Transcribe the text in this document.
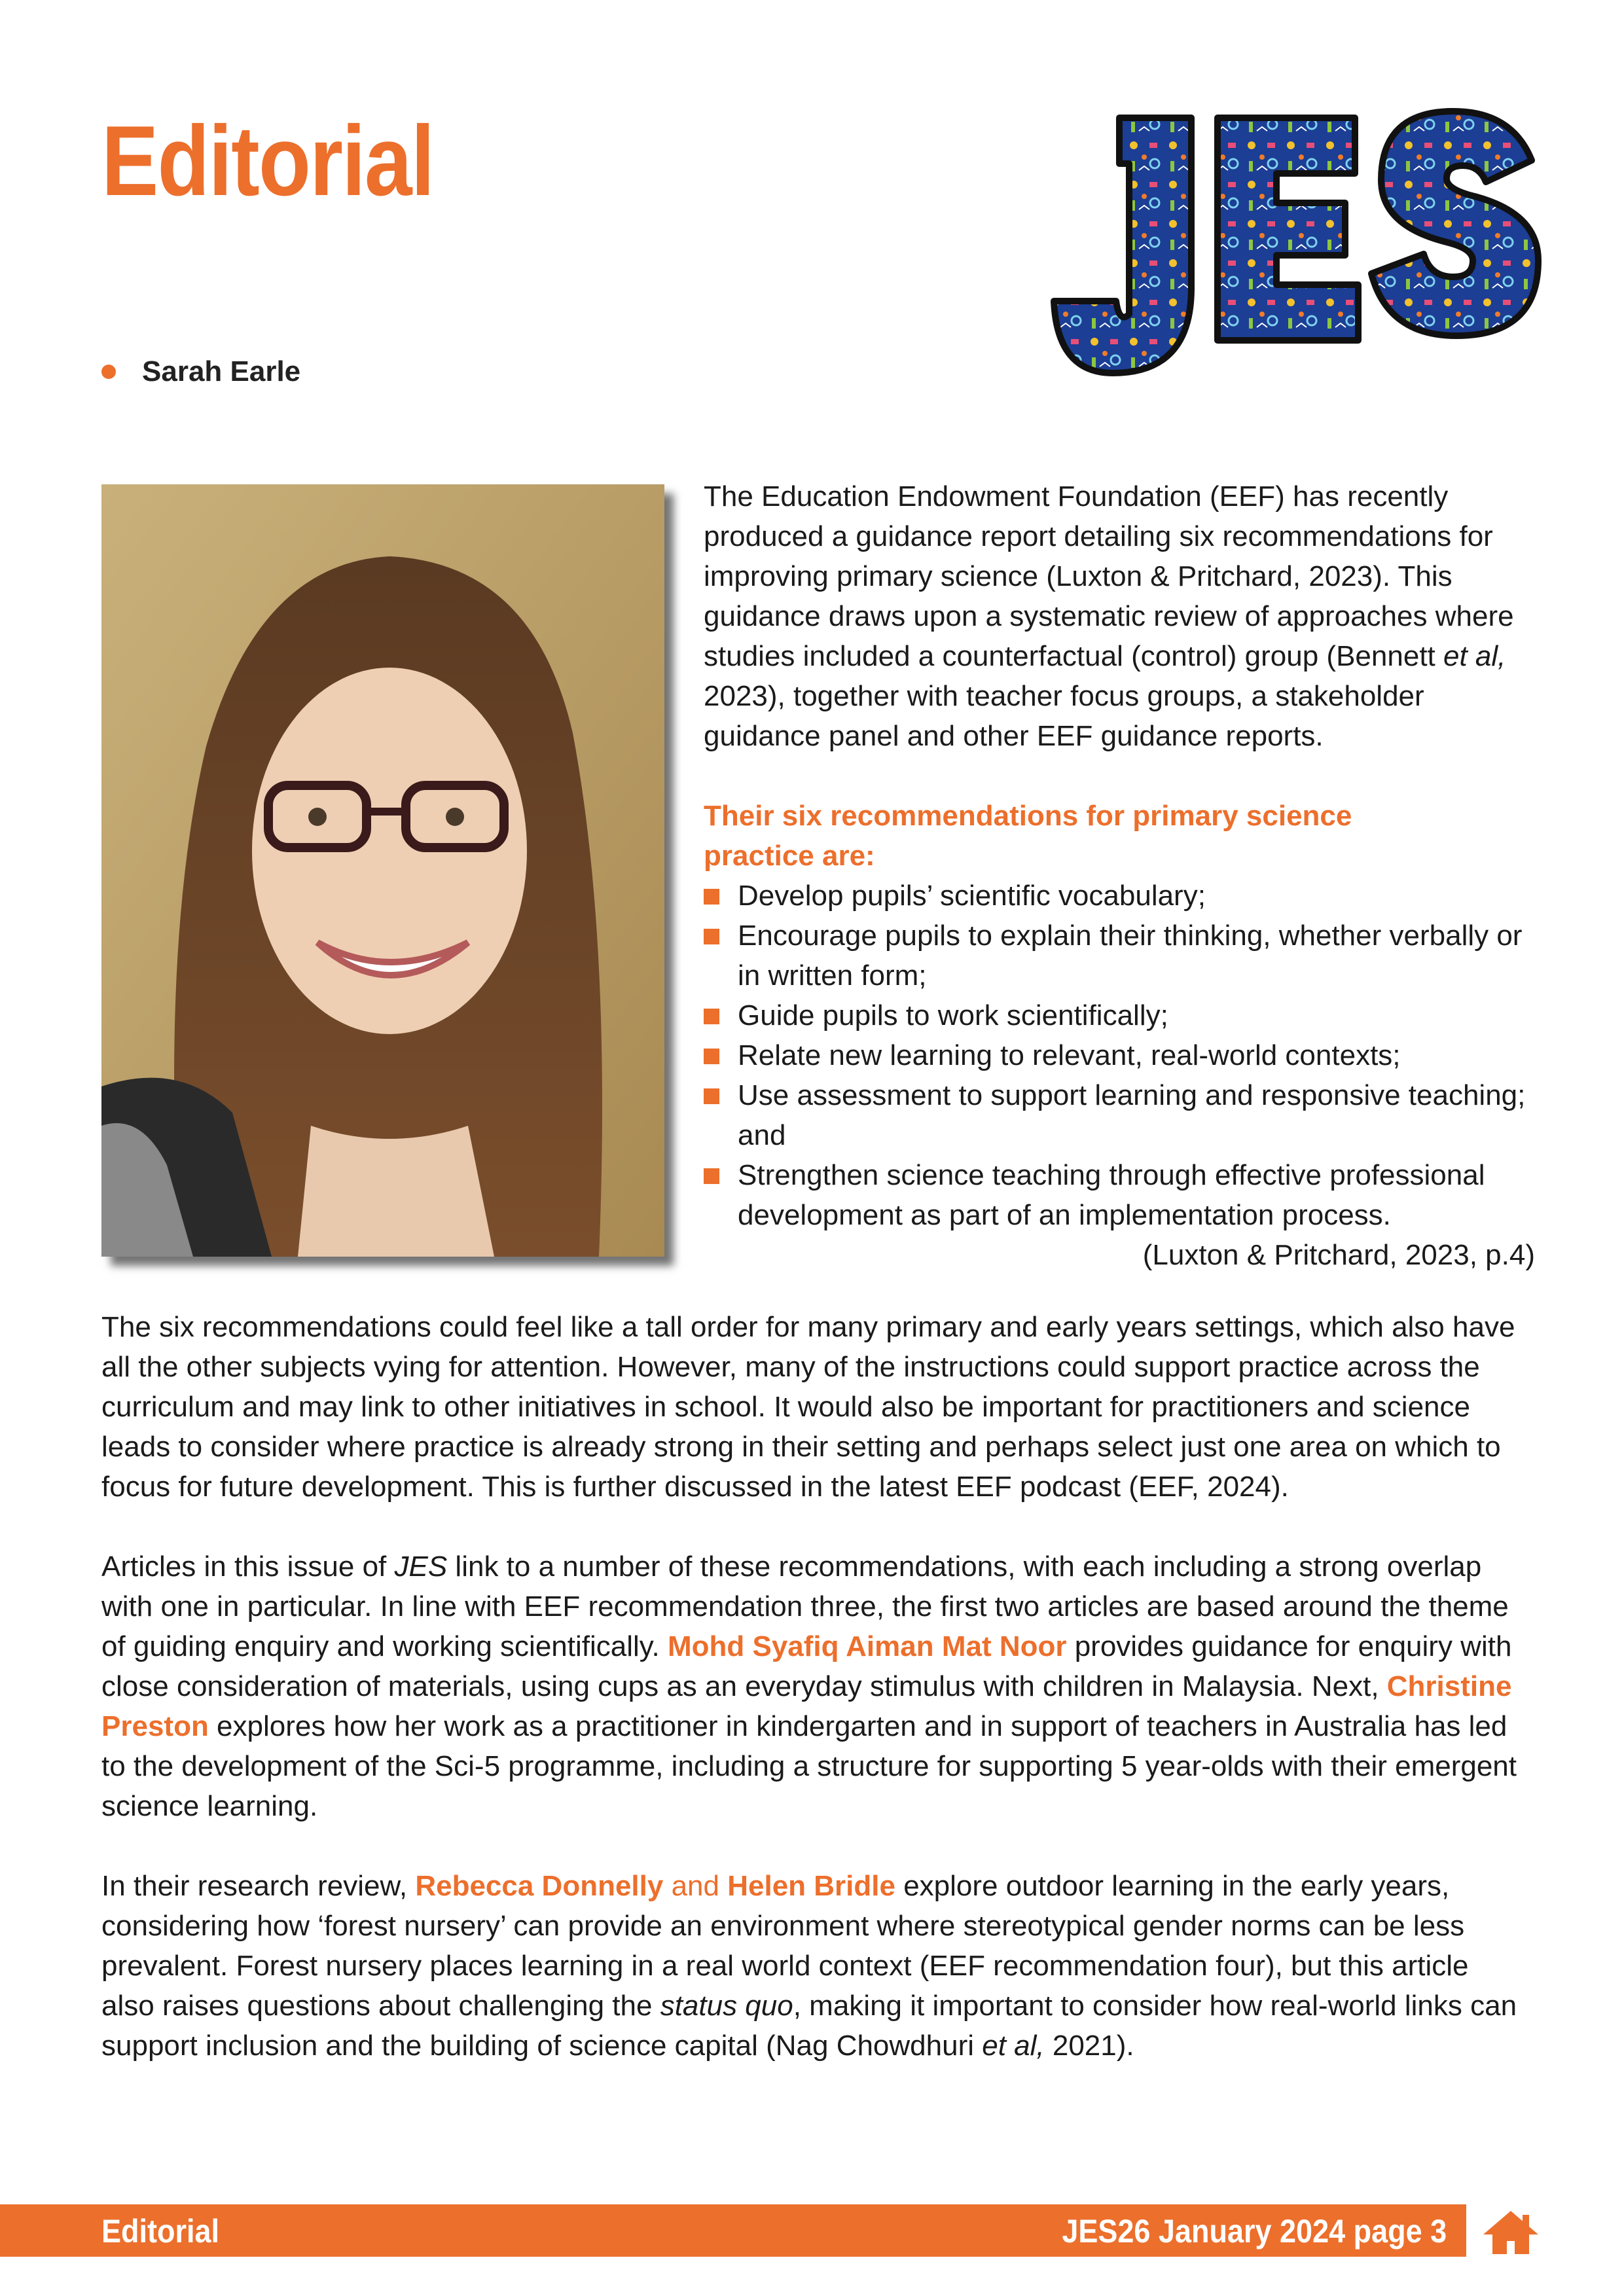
Editorial
Sarah Earle

The Education Endowment Foundation (EEF) has recently produced a guidance report detailing six recommendations for improving primary science (Luxton & Pritchard, 2023). This guidance draws upon a systematic review of approaches where studies included a counterfactual (control) group (Bennett et al, 2023), together with teacher focus groups, a stakeholder guidance panel and other EEF guidance reports.

Their six recommendations for primary science
practice are:

Develop pupils’ scientific vocabulary;
Encourage pupils to explain their thinking, whether verbally or in written form;
Guide pupils to work scientifically;
Relate new learning to relevant, real-world contexts;
Use assessment to support learning and responsive teaching; and
Strengthen science teaching through effective professional development as part of an implementation process.

(Luxton & Pritchard, 2023, p.4)

The six recommendations could feel like a tall order for many primary and early years settings, which also have all the other subjects vying for attention. However, many of the instructions could support practice across the curriculum and may link to other initiatives in school. It would also be important for practitioners and science leads to consider where practice is already strong in their setting and perhaps select just one area on which to focus for future development. This is further discussed in the latest EEF podcast (EEF, 2024).

Articles in this issue of JES link to a number of these recommendations, with each including a strong overlap with one in particular. In line with EEF recommendation three, the first two articles are based around the theme of guiding enquiry and working scientifically. Mohd Syafiq Aiman Mat Noor provides guidance for enquiry with close consideration of materials, using cups as an everyday stimulus with children in Malaysia. Next, Christine Preston explores how her work as a practitioner in kindergarten and in support of teachers in Australia has led to the development of the Sci-5 programme, including a structure for supporting 5 year-olds with their emergent science learning.

In their research review, Rebecca Donnelly and Helen Bridle explore outdoor learning in the early years, considering how ‘forest nursery’ can provide an environment where stereotypical gender norms can be less prevalent. Forest nursery places learning in a real world context (EEF recommendation four), but this article also raises questions about challenging the status quo, making it important to consider how real-world links can support inclusion and the building of science capital (Nag Chowdhuri et al, 2021).

Editorial	JES26 January 2024 page 3
